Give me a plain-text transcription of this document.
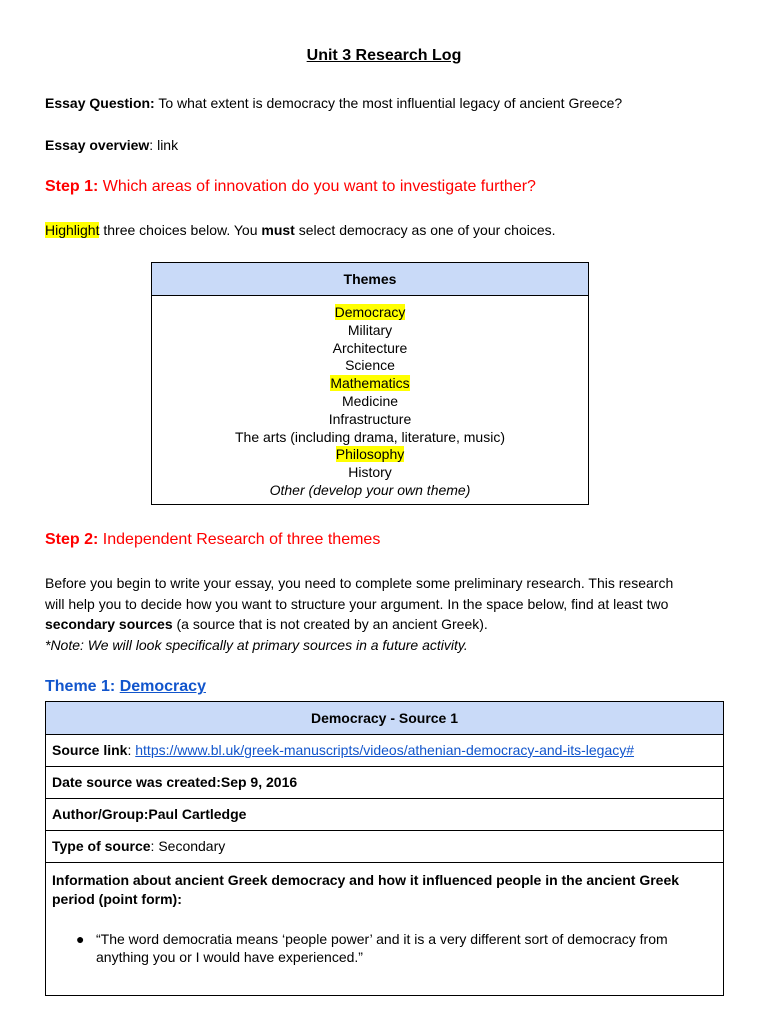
Unit 3 Research Log
Essay Question: To what extent is democracy the most influential legacy of ancient Greece?
Essay overview: link
Step 1: Which areas of innovation do you want to investigate further?
Highlight three choices below. You must select democracy as one of your choices.
Themes
Democracy
Military
Architecture
Science
Mathematics
Medicine
Infrastructure
The arts (including drama, literature, music)
Philosophy
History
Other (develop your own theme)
Step 2: Independent Research of three themes
Before you begin to write your essay, you need to complete some preliminary research. This research
will help you to decide how you want to structure your argument. In the space below, find at least two
secondary sources (a source that is not created by an ancient Greek).
*Note: We will look specifically at primary sources in a future activity.
Theme 1: Democracy
Democracy - Source 1
Source link: https://www.bl.uk/greek-manuscripts/videos/athenian-democracy-and-its-legacy#
Date source was created:Sep 9, 2016
Author/Group:Paul Cartledge
Type of source: Secondary
Information about ancient Greek democracy and how it influenced people in the ancient Greek period (point form):
● “The word democratia means ‘people power’ and it is a very different sort of democracy from anything you or I would have experienced.”
